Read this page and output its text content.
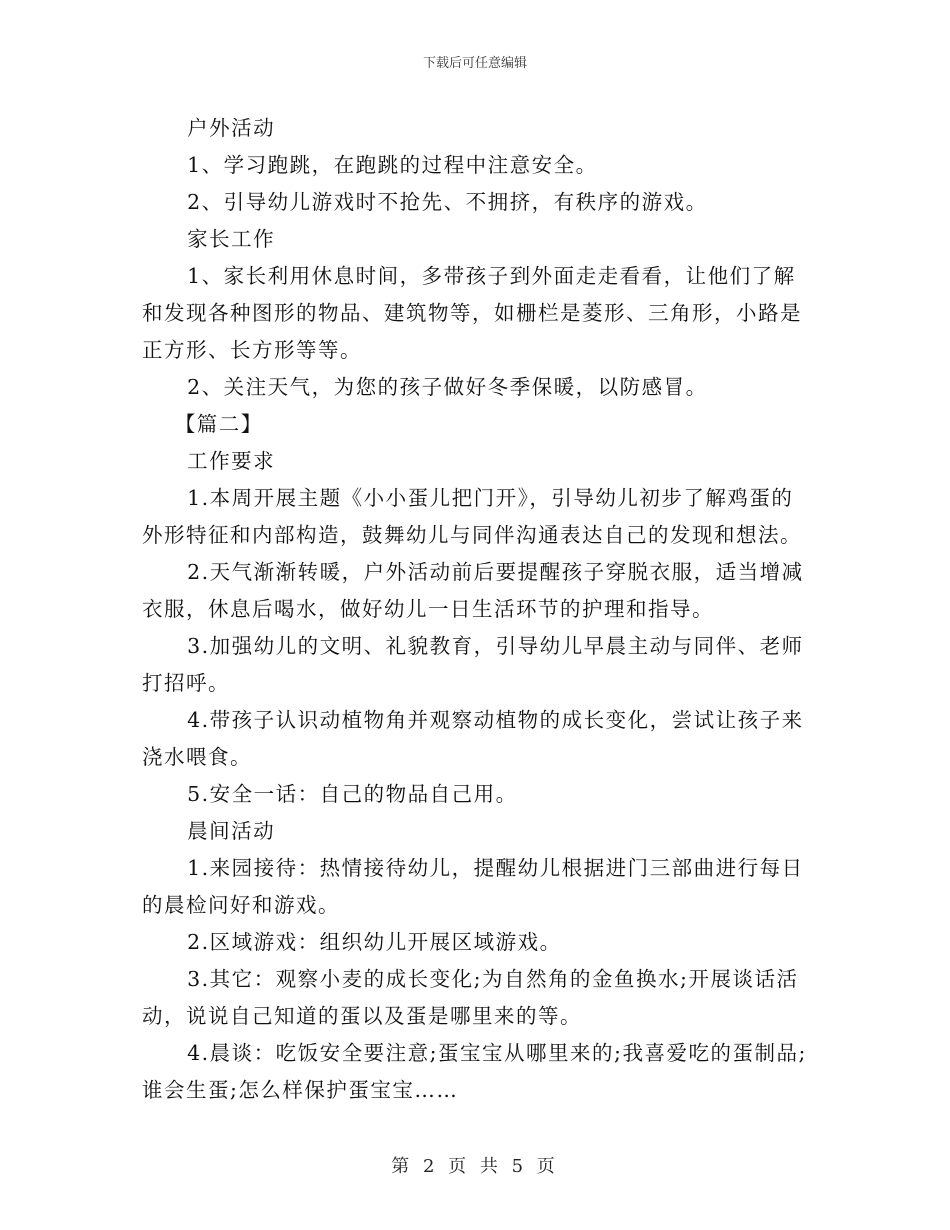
下载后可任意编辑

户外活动

1、学习跑跳，在跑跳的过程中注意安全。

2、引导幼儿游戏时不抢先、不拥挤，有秩序的游戏。

家长工作

1、家长利用休息时间，多带孩子到外面走走看看，让他们了解和发现各种图形的物品、建筑物等，如栅栏是菱形、三角形，小路是正方形、长方形等等。

2、关注天气，为您的孩子做好冬季保暖，以防感冒。

【篇二】

工作要求

1.本周开展主题《小小蛋儿把门开》，引导幼儿初步了解鸡蛋的外形特征和内部构造，鼓舞幼儿与同伴沟通表达自己的发现和想法。

2.天气渐渐转暖，户外活动前后要提醒孩子穿脱衣服，适当增减衣服，休息后喝水，做好幼儿一日生活环节的护理和指导。

3.加强幼儿的文明、礼貌教育，引导幼儿早晨主动与同伴、老师打招呼。

4.带孩子认识动植物角并观察动植物的成长变化，尝试让孩子来浇水喂食。

5.安全一话：自己的物品自己用。

晨间活动

1.来园接待：热情接待幼儿，提醒幼儿根据进门三部曲进行每日的晨检问好和游戏。

2.区域游戏：组织幼儿开展区域游戏。

3.其它：观察小麦的成长变化;为自然角的金鱼换水;开展谈话活动，说说自己知道的蛋以及蛋是哪里来的等。

4.晨谈：吃饭安全要注意;蛋宝宝从哪里来的;我喜爱吃的蛋制品;谁会生蛋;怎么样保护蛋宝宝……

第 2 页 共 5 页
